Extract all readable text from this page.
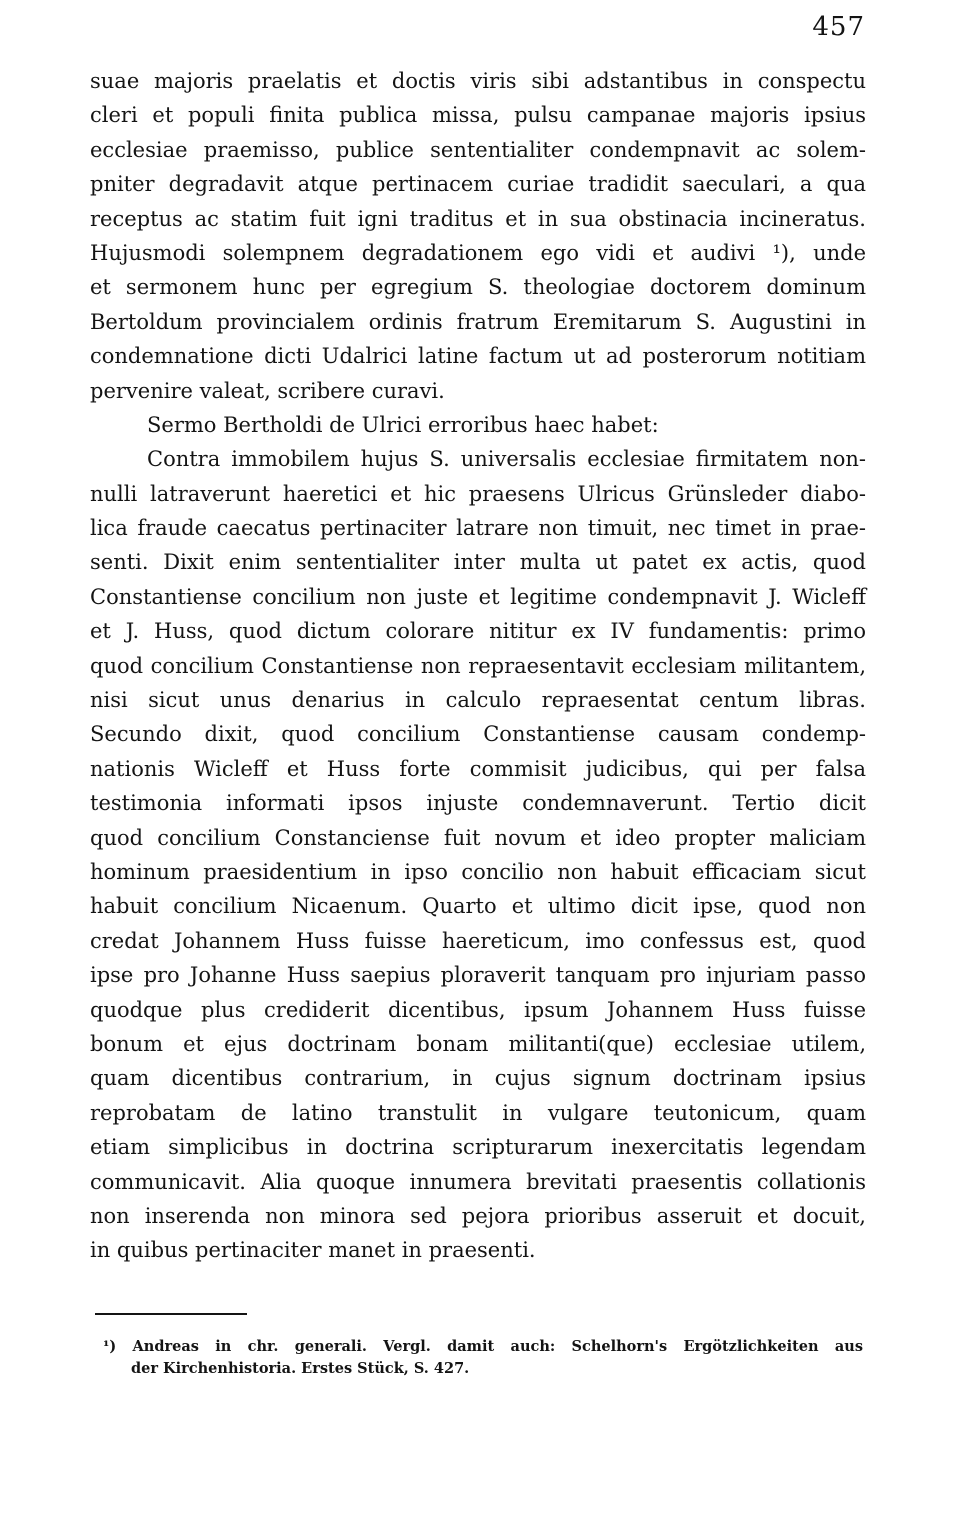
457
suae majoris praelatis et doctis viris sibi adstantibus in conspectu
cleri et populi finita publica missa, pulsu campanae majoris ipsius
ecclesiae praemisso, publice sententialiter condempnavit ac solem-
pniter degradavit atque pertinacem curiae tradidit saeculari, a qua
receptus ac statim fuit igni traditus et in sua obstinacia incineratus.
Hujusmodi solempnem degradationem ego vidi et audivi ¹), unde
et sermonem hunc per egregium S. theologiae doctorem dominum
Bertoldum provincialem ordinis fratrum Eremitarum S. Augustini in
condemnatione dicti Udalrici latine factum ut ad posterorum notitiam
pervenire valeat, scribere curavi.
Sermo Bertholdi de Ulrici erroribus haec habet:
Contra immobilem hujus S. universalis ecclesiae firmitatem non-
nulli latraverunt haeretici et hic praesens Ulricus Grünsleder diabo-
lica fraude caecatus pertinaciter latrare non timuit, nec timet in prae-
senti. Dixit enim sententialiter inter multa ut patet ex actis, quod
Constantiense concilium non juste et legitime condempnavit J. Wicleff
et J. Huss, quod dictum colorare nititur ex IV fundamentis: primo
quod concilium Constantiense non repraesentavit ecclesiam militantem,
nisi sicut unus denarius in calculo repraesentat centum libras.
Secundo dixit, quod concilium Constantiense causam condemp-
nationis Wicleff et Huss forte commisit judicibus, qui per falsa
testimonia informati ipsos injuste condemnaverunt. Tertio dicit
quod concilium Constanciense fuit novum et ideo propter maliciam
hominum praesidentium in ipso concilio non habuit efficaciam sicut
habuit concilium Nicaenum. Quarto et ultimo dicit ipse, quod non
credat Johannem Huss fuisse haereticum, imo confessus est, quod
ipse pro Johanne Huss saepius ploraverit tanquam pro injuriam passo
quodque plus crediderit dicentibus, ipsum Johannem Huss fuisse
bonum et ejus doctrinam bonam militanti(que) ecclesiae utilem,
quam dicentibus contrarium, in cujus signum doctrinam ipsius
reprobatam de latino transtulit in vulgare teutonicum, quam
etiam simplicibus in doctrina scripturarum inexercitatis legendam
communicavit. Alia quoque innumera brevitati praesentis collationis
non inserenda non minora sed pejora prioribus asseruit et docuit,
in quibus pertinaciter manet in praesenti.
¹) Andreas in chr. generali. Vergl. damit auch: Schelhorn's Ergötzlichkeiten aus
der Kirchenhistoria. Erstes Stück, S. 427.
